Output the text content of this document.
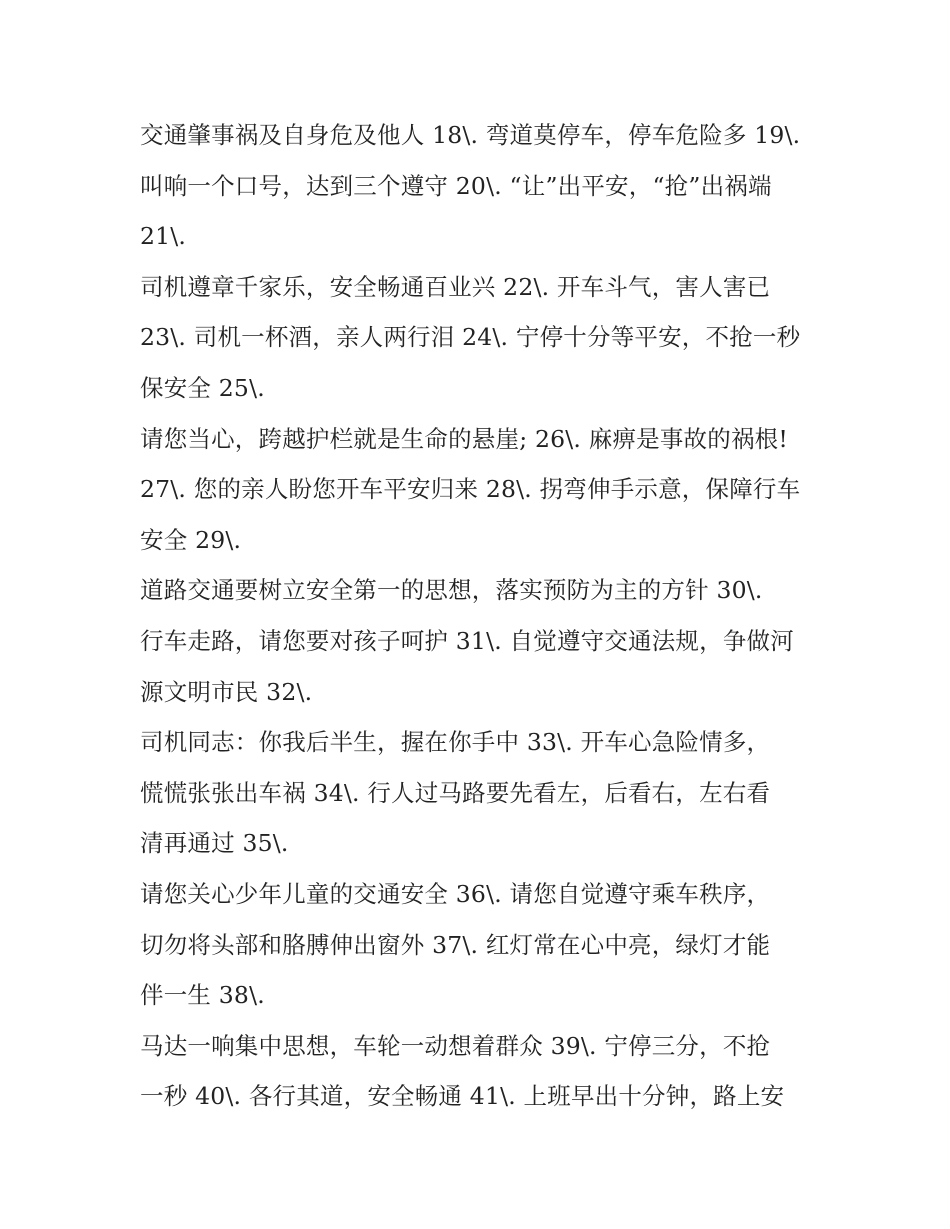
交通肇事祸及自身危及他人 18\. 弯道莫停车，停车危险多 19\.
叫响一个口号，达到三个遵守 20\. “让”出平安，“抢”出祸端
21\.
司机遵章千家乐，安全畅通百业兴 22\. 开车斗气，害人害已
23\. 司机一杯酒，亲人两行泪 24\. 宁停十分等平安，不抢一秒
保安全 25\.
请您当心，跨越护栏就是生命的悬崖; 26\. 麻痹是事故的祸根!
27\. 您的亲人盼您开车平安归来 28\. 拐弯伸手示意，保障行车
安全 29\.
道路交通要树立安全第一的思想，落实预防为主的方针 30\.
行车走路，请您要对孩子呵护 31\. 自觉遵守交通法规，争做河
源文明市民 32\.
司机同志：你我后半生，握在你手中 33\. 开车心急险情多，
慌慌张张出车祸 34\. 行人过马路要先看左，后看右，左右看
清再通过 35\.
请您关心少年儿童的交通安全 36\. 请您自觉遵守乘车秩序，
切勿将头部和胳膊伸出窗外 37\. 红灯常在心中亮，绿灯才能
伴一生 38\.
马达一响集中思想，车轮一动想着群众 39\. 宁停三分，不抢
一秒 40\. 各行其道，安全畅通 41\. 上班早出十分钟，路上安
